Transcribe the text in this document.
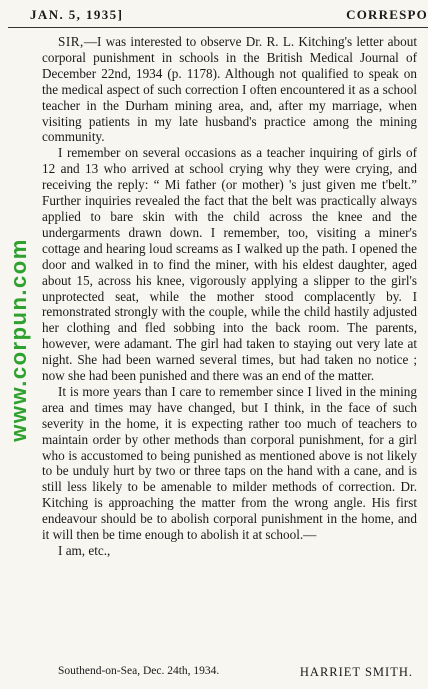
JAN. 5, 1935]	CORRESPO
www.corpun.com

SIR,—I was interested to observe Dr. R. L. Kitching's letter about corporal punishment in schools in the British Medical Journal of December 22nd, 1934 (p. 1178). Although not qualified to speak on the medical aspect of such correction I often encountered it as a school teacher in the Durham mining area, and, after my marriage, when visiting patients in my late husband's practice among the mining community.

I remember on several occasions as a teacher inquiring of girls of 12 and 13 who arrived at school crying why they were crying, and receiving the reply: “ Mi father (or mother) 's just given me t'belt.” Further inquiries revealed the fact that the belt was practically always applied to bare skin with the child across the knee and the undergarments drawn down. I remember, too, visiting a miner's cottage and hearing loud screams as I walked up the path. I opened the door and walked in to find the miner, with his eldest daughter, aged about 15, across his knee, vigorously applying a slipper to the girl's unprotected seat, while the mother stood complacently by. I remonstrated strongly with the couple, while the child hastily adjusted her clothing and fled sobbing into the back room. The parents, however, were adamant. The girl had taken to staying out very late at night. She had been warned several times, but had taken no notice ; now she had been punished and there was an end of the matter.

It is more years than I care to remember since I lived in the mining area and times may have changed, but I think, in the face of such severity in the home, it is expecting rather too much of teachers to maintain order by other methods than corporal punishment, for a girl who is accustomed to being punished as mentioned above is not likely to be unduly hurt by two or three taps on the hand with a cane, and is still less likely to be amenable to milder methods of correction. Dr. Kitching is approaching the matter from the wrong angle. His first endeavour should be to abolish corporal punishment in the home, and it will then be time enough to abolish it at school.—

I am, etc.,

Southend-on-Sea, Dec. 24th, 1934.	HARRIET SMITH.
